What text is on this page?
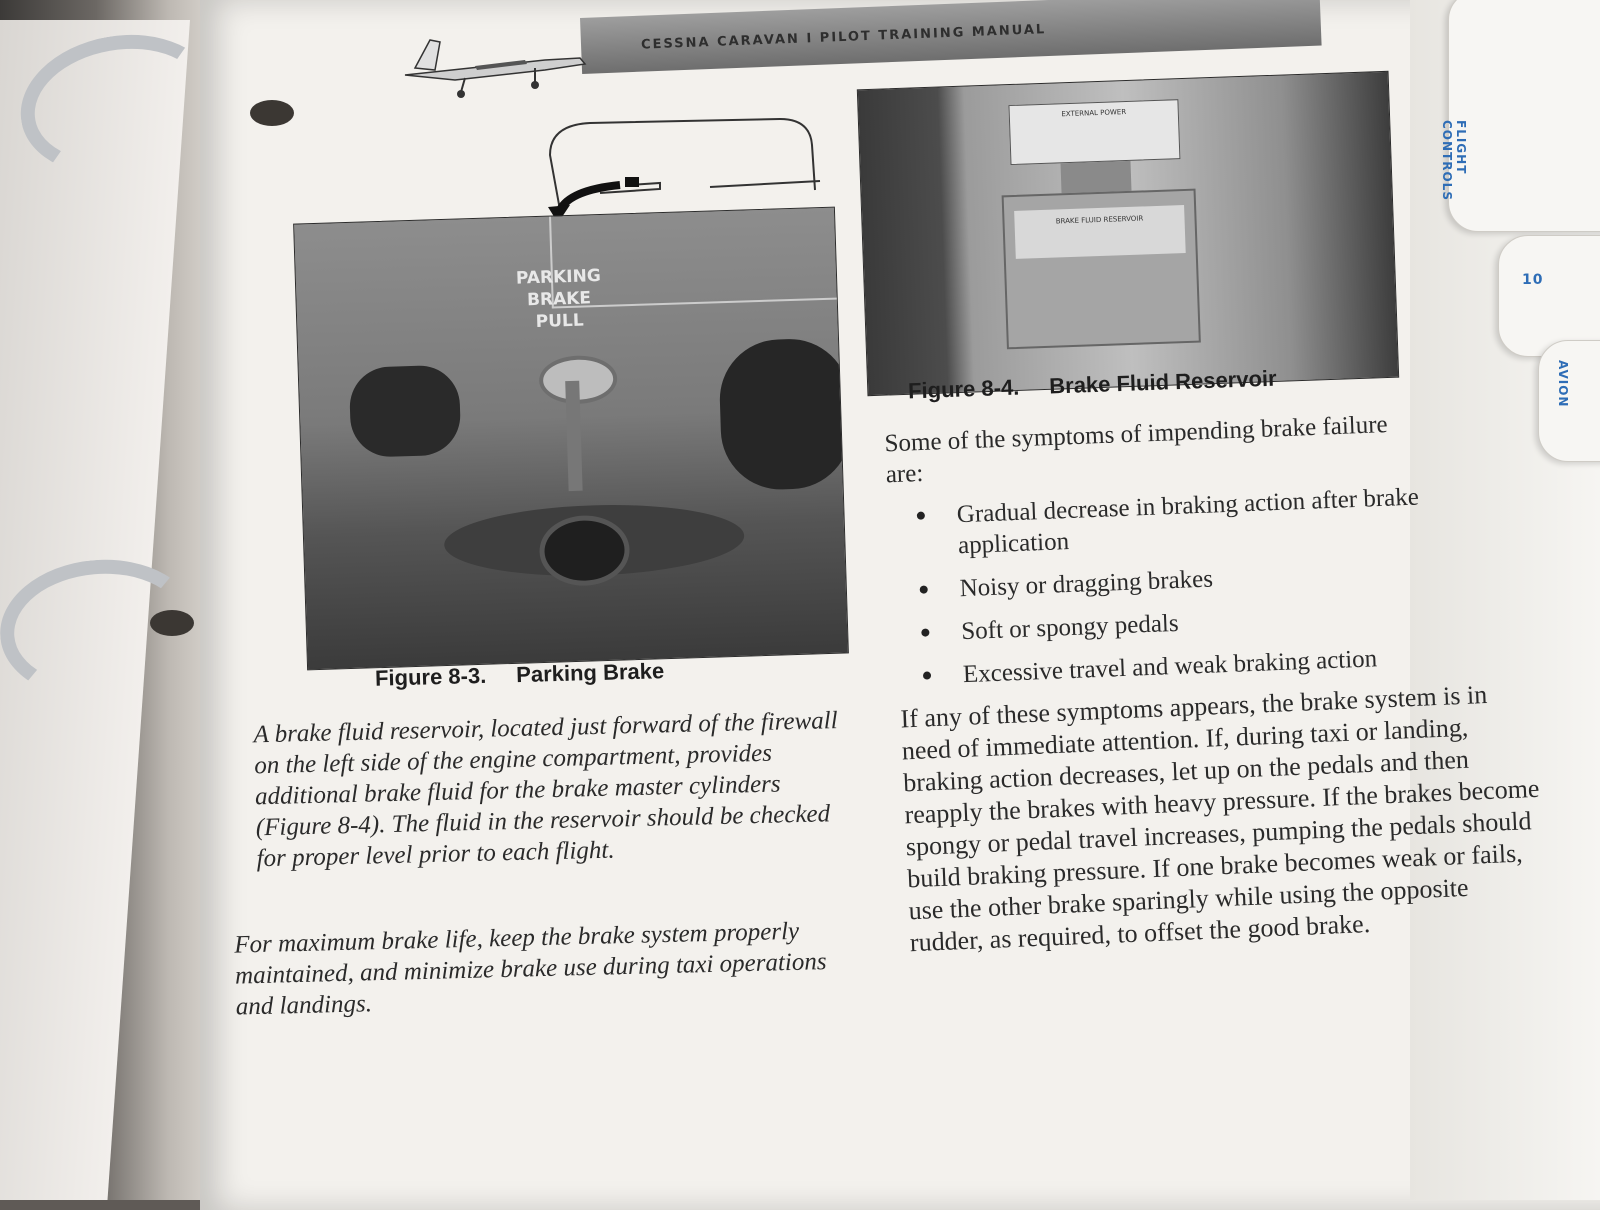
FLIGHT CONTROLS
10
AVION
CESSNA CARAVAN I PILOT TRAINING MANUAL
PARKING
BRAKE
PULL
Figure 8-3. Parking Brake
EXTERNAL POWER
BRAKE FLUID RESERVOIR
Figure 8-4. Brake Fluid Reservoir
A brake fluid reservoir, located just forward of the firewall on the left side of the engine compartment, provides additional brake fluid for the brake master cylinders (Figure 8-4). The fluid in the reservoir should be checked for proper level prior to each flight.
For maximum brake life, keep the brake system properly maintained, and minimize brake use during taxi operations and landings.
Some of the symptoms of impending brake failure are:
Gradual decrease in braking action after brake application
Noisy or dragging brakes
Soft or spongy pedals
Excessive travel and weak braking action
If any of these symptoms appears, the brake system is in need of immediate attention. If, during taxi or landing, braking action decreases, let up on the pedals and then reapply the brakes with heavy pressure. If the brakes become spongy or pedal travel increases, pumping the pedals should build braking pressure. If one brake becomes weak or fails, use the other brake sparingly while using the opposite rudder, as required, to offset the good brake.
